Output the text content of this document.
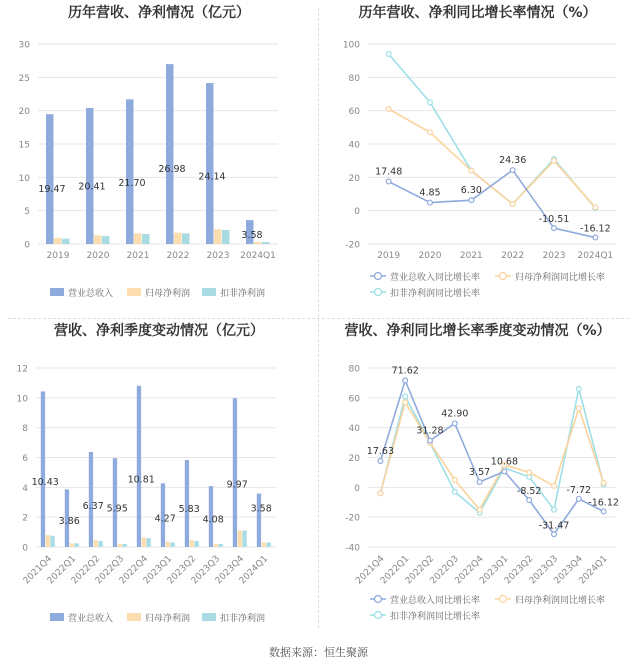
历年营收、净利情况（亿元）
0
5
10
15
20
25
30
2019 2020 2021 2022 2023 2024Q1
19.47 20.41 21.70
26.98
24.14
3.58
营业总收入	归母净利润	扣非净利润
历年营收、净利同比增长率情况（%）
-20
0
20
40
60
80
100
2019 2020 2021 2022 2023 2024Q1
17.48
4.85 6.30
24.36
-10.51
-16.12
营业总收入同比增长率	归母净利润同比增长率
扣非净利润同比增长率
营收、净利季度变动情况（亿元）
0
2
4
6
8
10
12
2021Q4
2022Q1
2022Q2
2022Q3
2022Q4
2023Q1
2023Q2
2023Q3
2023Q4
2024Q1
10.43
3.86
6.37 5.95
10.81
4.27
5.83
4.08
9.97
3.58
营业总收入	归母净利润	扣非净利润
营收、净利同比增长率季度变动情况（%）
-40
-20
0
20
40
60
80
2021Q4
2022Q1
2022Q2
2022Q3
2022Q4
2023Q1
2023Q2
2023Q3
2023Q4
2024Q1
17.63
71.62
31.28
42.90
3.57
10.68
-8.52
-31.47
-7.72
-16.12
营业总收入同比增长率	归母净利润同比增长率
扣非净利润同比增长率
数据来源：恒生聚源
